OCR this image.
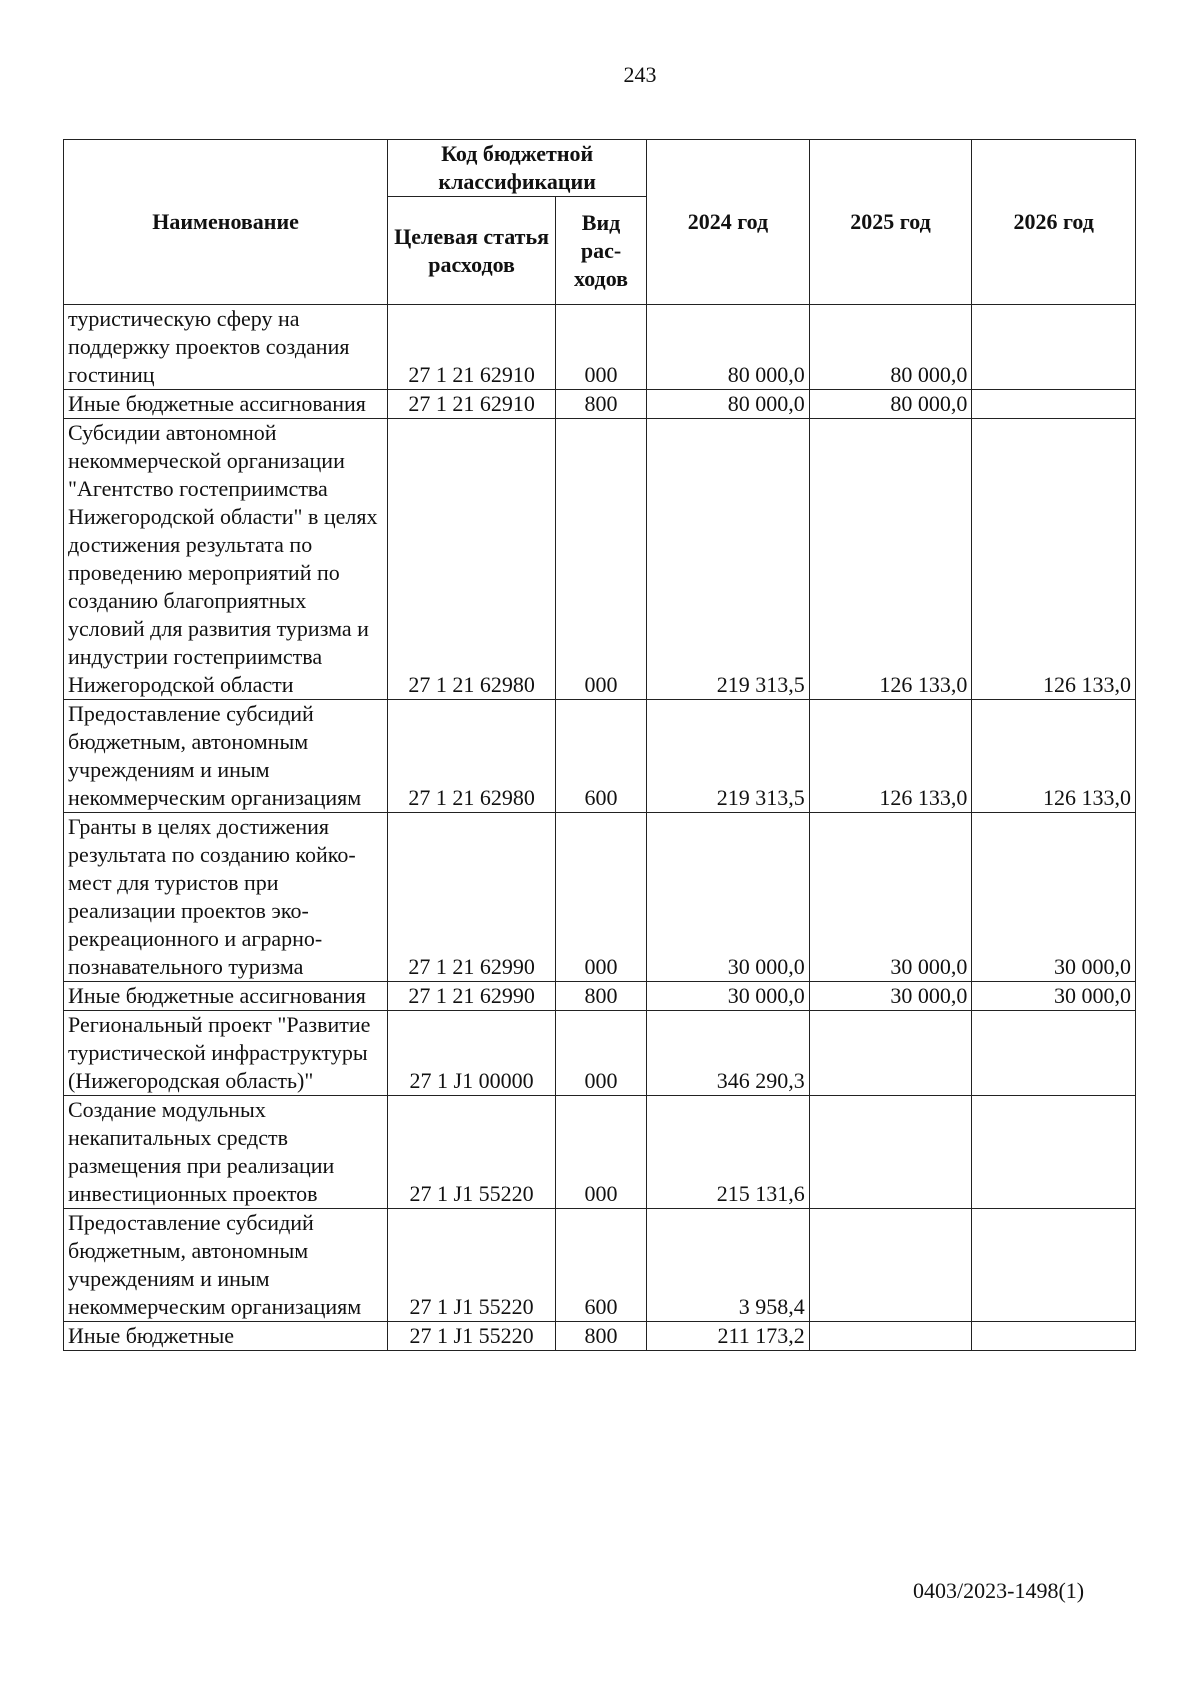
243
Наименование	Код бюджетной классификации		2024 год	2025 год	2026 год
	Целевая статья расходов	Вид рас-ходов			
туристическую сферу на поддержку проектов создания гостиниц	27 1 21 62910	000	80 000,0	80 000,0	
Иные бюджетные ассигнования	27 1 21 62910	800	80 000,0	80 000,0	
Субсидии автономной некоммерческой организации "Агентство гостеприимства Нижегородской области" в целях достижения результата по проведению мероприятий по созданию благоприятных условий для развития туризма и индустрии гостеприимства Нижегородской области	27 1 21 62980	000	219 313,5	126 133,0	126 133,0
Предоставление субсидий бюджетным, автономным учреждениям и иным некоммерческим организациям	27 1 21 62980	600	219 313,5	126 133,0	126 133,0
Гранты в целях достижения результата по созданию койко-мест для туристов при реализации проектов эко-рекреационного и аграрно-познавательного туризма	27 1 21 62990	000	30 000,0	30 000,0	30 000,0
Иные бюджетные ассигнования	27 1 21 62990	800	30 000,0	30 000,0	30 000,0
Региональный проект "Развитие туристической инфраструктуры (Нижегородская область)"	27 1 J1 00000	000	346 290,3		
Создание модульных некапитальных средств размещения при реализации инвестиционных проектов	27 1 J1 55220	000	215 131,6		
Предоставление субсидий бюджетным, автономным учреждениям и иным некоммерческим организациям	27 1 J1 55220	600	3 958,4		
Иные бюджетные	27 1 J1 55220	800	211 173,2		
0403/2023-1498(1)
